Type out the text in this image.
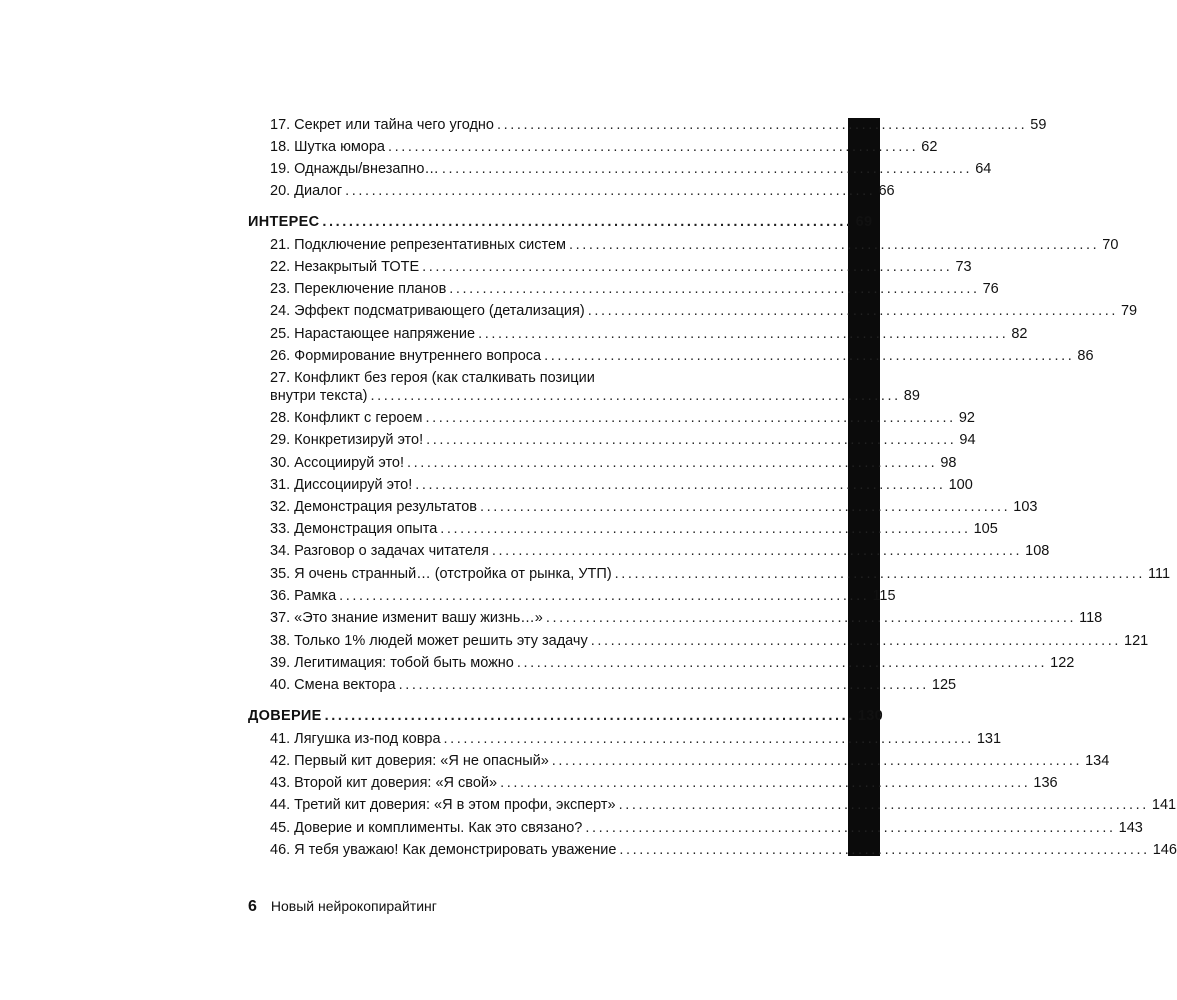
17. Секрет или тайна чего угодно ................................................................................ 59
18. Шутка юмора ................................................................................ 62
19. Однажды/внезапно… ................................................................................ 64
20. Диалог ................................................................................ 66
ИНТЕРЕС ................................................................................ 69
21. Подключение репрезентативных систем ................................................................................ 70
22. Незакрытый ТОТЕ ................................................................................ 73
23. Переключение планов ................................................................................ 76
24. Эффект подсматривающего (детализация) ................................................................................ 79
25. Нарастающее напряжение ................................................................................ 82
26. Формирование внутреннего вопроса ................................................................................ 86
27. Конфликт без героя (как сталкивать позиции
внутри текста) ................................................................................ 89
28. Конфликт с героем ................................................................................ 92
29. Конкретизируй это! ................................................................................ 94
30. Ассоциируй это! ................................................................................ 98
31. Диссоциируй это! ................................................................................ 100
32. Демонстрация результатов ................................................................................ 103
33. Демонстрация опыта ................................................................................ 105
34. Разговор о задачах читателя ................................................................................ 108
35. Я очень странный… (отстройка от рынка, УТП) ................................................................................ 111
36. Рамка ................................................................................ 115
37. «Это знание изменит вашу жизнь…» ................................................................................ 118
38. Только 1% людей может решить эту задачу ................................................................................ 121
39. Легитимация: тобой быть можно ................................................................................ 122
40. Смена вектора ................................................................................ 125
ДОВЕРИЕ ................................................................................ 130
41. Лягушка из-под ковра ................................................................................ 131
42. Первый кит доверия: «Я не опасный» ................................................................................ 134
43. Второй кит доверия: «Я свой» ................................................................................ 136
44. Третий кит доверия: «Я в этом профи, эксперт» ................................................................................ 141
45. Доверие и комплименты. Как это связано? ................................................................................ 143
46. Я тебя уважаю! Как демонстрировать уважение ................................................................................ 146
6 Новый нейрокопирайтинг
